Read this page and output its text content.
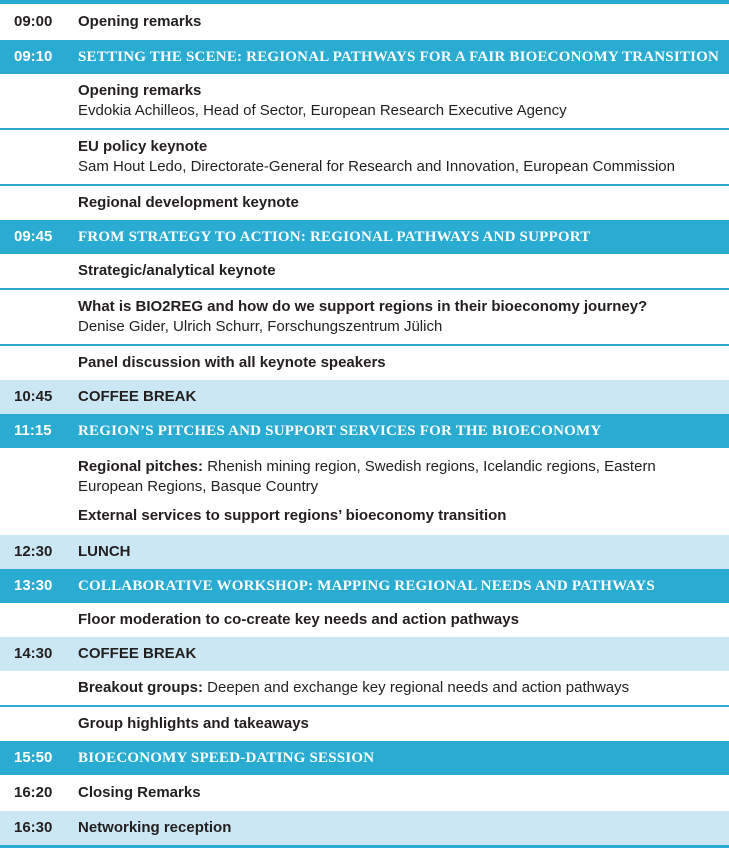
09:00	Opening remarks
09:10	SETTING THE SCENE: REGIONAL PATHWAYS FOR A FAIR BIOECONOMY TRANSITION
Opening remarks
Evdokia Achilleos, Head of Sector, European Research Executive Agency
EU policy keynote
Sam Hout Ledo, Directorate-General for Research and Innovation, European Commission
Regional development keynote
09:45	FROM STRATEGY TO ACTION: REGIONAL PATHWAYS AND SUPPORT
Strategic/analytical keynote
What is BIO2REG and how do we support regions in their bioeconomy journey?
Denise Gider, Ulrich Schurr, Forschungszentrum Jülich
Panel discussion with all keynote speakers
10:45	COFFEE BREAK
11:15	REGION’S PITCHES AND SUPPORT SERVICES FOR THE BIOECONOMY
Regional pitches: Rhenish mining region, Swedish regions, Icelandic regions, Eastern European Regions, Basque Country
External services to support regions’ bioeconomy transition
12:30	LUNCH
13:30	COLLABORATIVE WORKSHOP: MAPPING REGIONAL NEEDS AND PATHWAYS
Floor moderation to co-create key needs and action pathways
14:30	COFFEE BREAK
Breakout groups: Deepen and exchange key regional needs and action pathways
Group highlights and takeaways
15:50	BIOECONOMY SPEED-DATING SESSION
16:20	Closing Remarks
16:30	Networking reception
